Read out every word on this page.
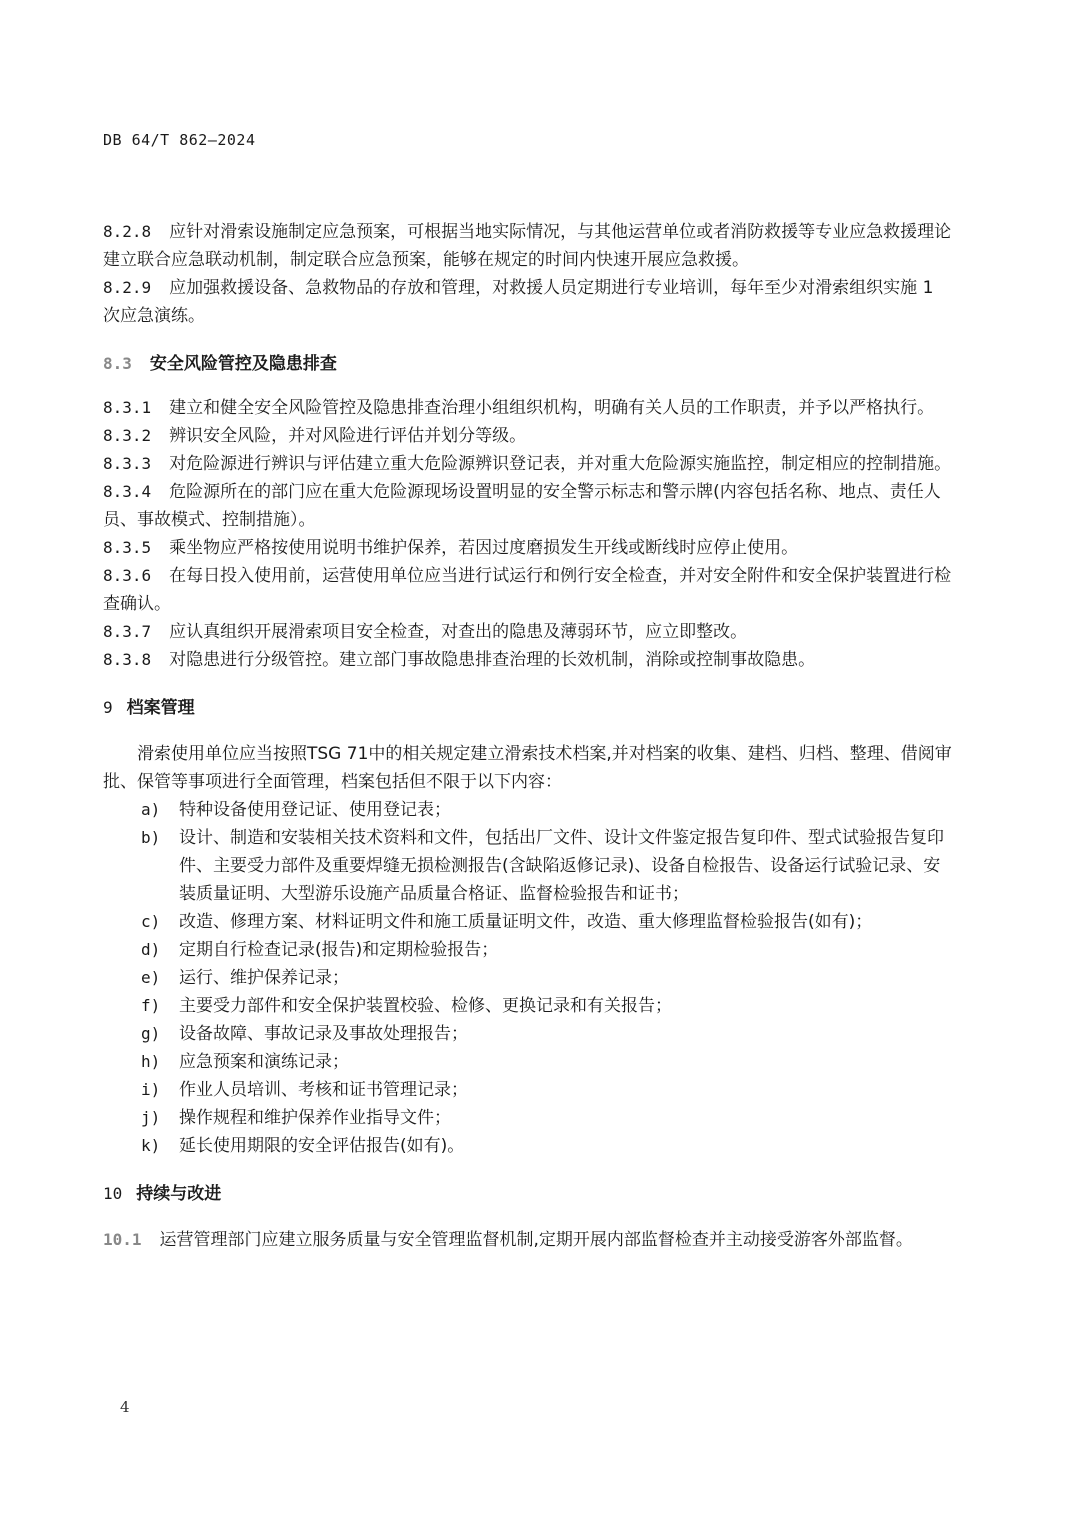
DB 64/T 862—2024

8.2.8 应针对滑索设施制定应急预案，可根据当地实际情况，与其他运营单位或者消防救援等专业应急救援理论建立联合应急联动机制，制定联合应急预案，能够在规定的时间内快速开展应急救援。

8.2.9 应加强救援设备、急救物品的存放和管理，对救援人员定期进行专业培训，每年至少对滑索组织实施 1 次应急演练。

8.3 安全风险管控及隐患排查

8.3.1 建立和健全安全风险管控及隐患排查治理小组组织机构，明确有关人员的工作职责，并予以严格执行。

8.3.2 辨识安全风险，并对风险进行评估并划分等级。

8.3.3 对危险源进行辨识与评估建立重大危险源辨识登记表，并对重大危险源实施监控，制定相应的控制措施。

8.3.4 危险源所在的部门应在重大危险源现场设置明显的安全警示标志和警示牌(内容包括名称、地点、责任人员、事故模式、控制措施）。

8.3.5 乘坐物应严格按使用说明书维护保养，若因过度磨损发生开线或断线时应停止使用。

8.3.6 在每日投入使用前，运营使用单位应当进行试运行和例行安全检查，并对安全附件和安全保护装置进行检查确认。

8.3.7 应认真组织开展滑索项目安全检查，对查出的隐患及薄弱环节，应立即整改。

8.3.8 对隐患进行分级管控。建立部门事故隐患排查治理的长效机制，消除或控制事故隐患。

9 档案管理

滑索使用单位应当按照TSG 71中的相关规定建立滑索技术档案,并对档案的收集、建档、归档、整理、借阅审批、保管等事项进行全面管理，档案包括但不限于以下内容：

a) 特种设备使用登记证、使用登记表；

b) 设计、制造和安装相关技术资料和文件，包括出厂文件、设计文件鉴定报告复印件、型式试验报告复印件、主要受力部件及重要焊缝无损检测报告(含缺陷返修记录)、设备自检报告、设备运行试验记录、安装质量证明、大型游乐设施产品质量合格证、监督检验报告和证书；

c) 改造、修理方案、材料证明文件和施工质量证明文件，改造、重大修理监督检验报告(如有)；

d) 定期自行检查记录(报告)和定期检验报告；

e) 运行、维护保养记录；

f) 主要受力部件和安全保护装置校验、检修、更换记录和有关报告；

g) 设备故障、事故记录及事故处理报告；

h) 应急预案和演练记录；

i) 作业人员培训、考核和证书管理记录；

j) 操作规程和维护保养作业指导文件；

k) 延长使用期限的安全评估报告(如有)。

10 持续与改进

10.1 运营管理部门应建立服务质量与安全管理监督机制,定期开展内部监督检查并主动接受游客外部监督。

4
